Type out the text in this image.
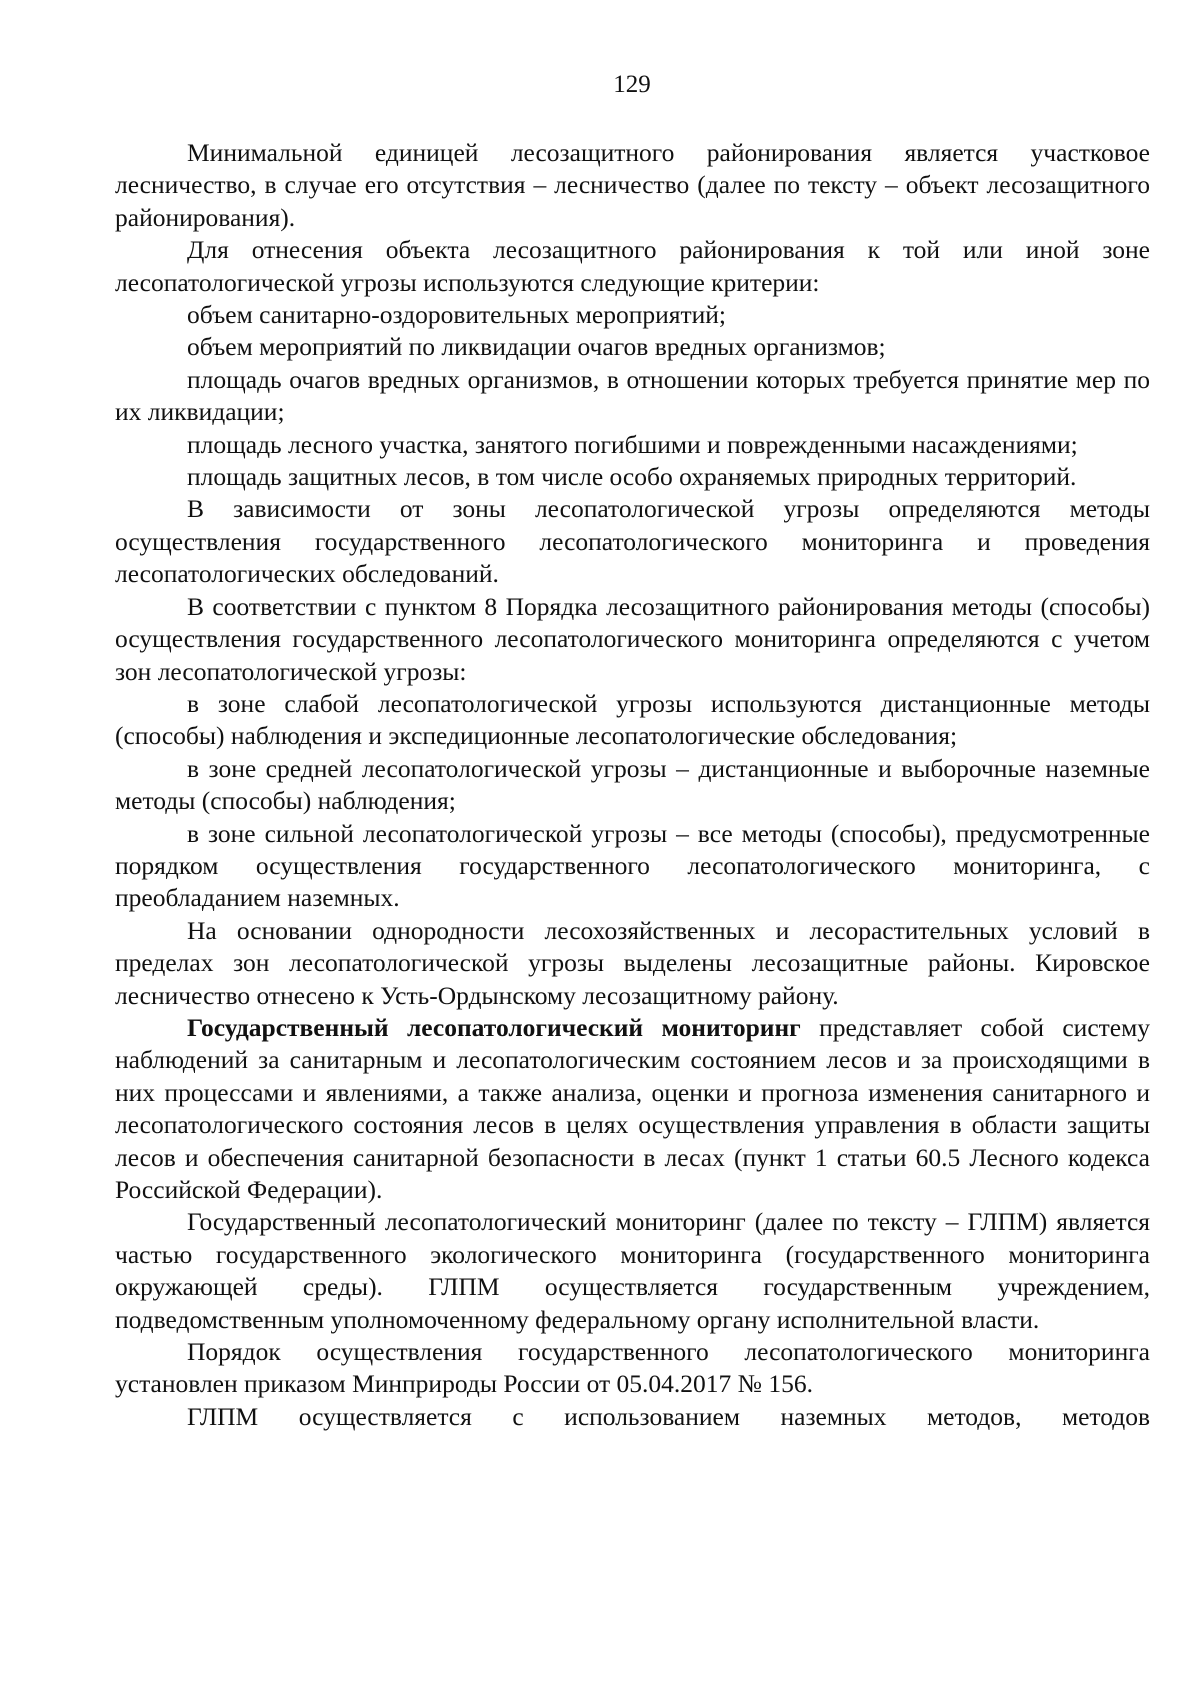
129

Минимальной единицей лесозащитного районирования является участковое лесничество, в случае его отсутствия – лесничество (далее по тексту – объект лесозащитного районирования).

Для отнесения объекта лесозащитного районирования к той или иной зоне лесопатологической угрозы используются следующие критерии:

объем санитарно-оздоровительных мероприятий;

объем мероприятий по ликвидации очагов вредных организмов;

площадь очагов вредных организмов, в отношении которых требуется принятие мер по их ликвидации;

площадь лесного участка, занятого погибшими и поврежденными насаждениями;

площадь защитных лесов, в том числе особо охраняемых природных территорий.

В зависимости от зоны лесопатологической угрозы определяются методы осуществления государственного лесопатологического мониторинга и проведения лесопатологических обследований.

В соответствии с пунктом 8 Порядка лесозащитного районирования методы (способы) осуществления государственного лесопатологического мониторинга определяются с учетом зон лесопатологической угрозы:

в зоне слабой лесопатологической угрозы используются дистанционные методы (способы) наблюдения и экспедиционные лесопатологические обследования;

в зоне средней лесопатологической угрозы – дистанционные и выборочные наземные методы (способы) наблюдения;

в зоне сильной лесопатологической угрозы – все методы (способы), предусмотренные порядком осуществления государственного лесопатологического мониторинга, с преобладанием наземных.

На основании однородности лесохозяйственных и лесорастительных условий в пределах зон лесопатологической угрозы выделены лесозащитные районы. Кировское лесничество отнесено к Усть-Ордынскому лесозащитному району.

Государственный лесопатологический мониторинг представляет собой систему наблюдений за санитарным и лесопатологическим состоянием лесов и за происходящими в них процессами и явлениями, а также анализа, оценки и прогноза изменения санитарного и лесопатологического состояния лесов в целях осуществления управления в области защиты лесов и обеспечения санитарной безопасности в лесах (пункт 1 статьи 60.5 Лесного кодекса Российской Федерации).

Государственный лесопатологический мониторинг (далее по тексту – ГЛПМ) является частью государственного экологического мониторинга (государственного мониторинга окружающей среды). ГЛПМ осуществляется государственным учреждением, подведомственным уполномоченному федеральному органу исполнительной власти.

Порядок осуществления государственного лесопатологического мониторинга установлен приказом Минприроды России от 05.04.2017 № 156.

ГЛПМ осуществляется с использованием наземных методов, методов
